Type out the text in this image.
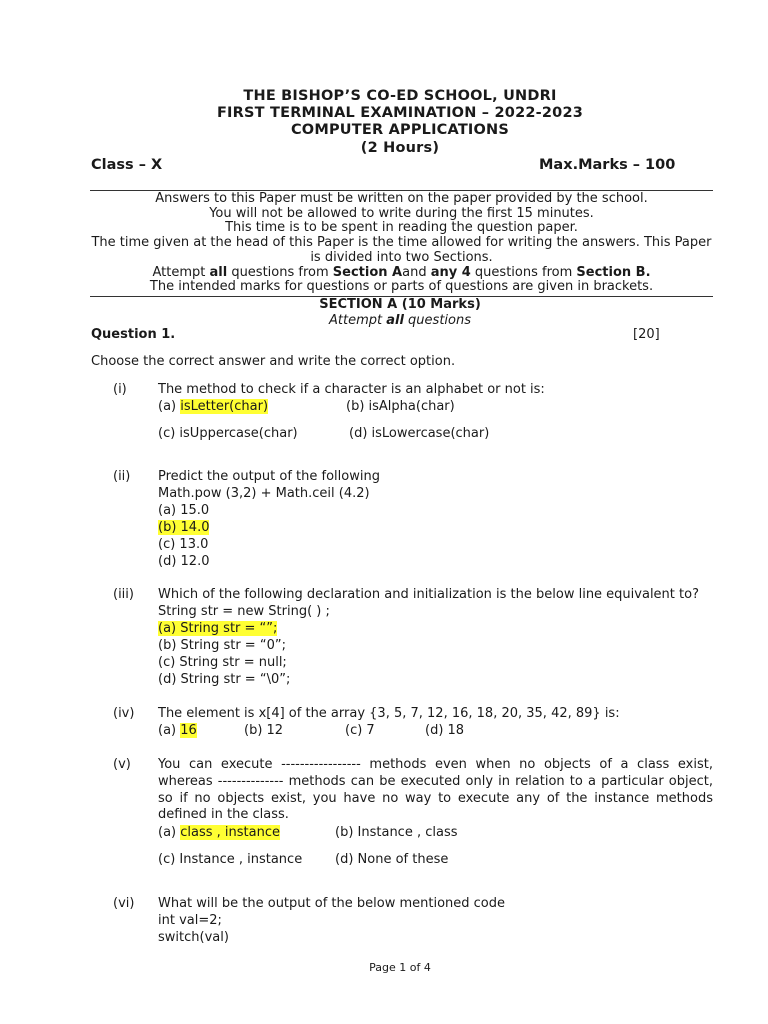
THE BISHOP’S CO-ED SCHOOL, UNDRI
FIRST TERMINAL EXAMINATION – 2022-2023
COMPUTER APPLICATIONS
(2 Hours)
Class – X	Max.Marks – 100
Answers to this Paper must be written on the paper provided by the school.
You will not be allowed to write during the first 15 minutes.
This time is to be spent in reading the question paper.
The time given at the head of this Paper is the time allowed for writing the answers. This Paper is divided into two Sections.
Attempt all questions from Section Aand any 4 questions from Section B.
The intended marks for questions or parts of questions are given in brackets.
SECTION A (10 Marks)
Attempt all questions
Question 1.	[20]
Choose the correct answer and write the correct option.
(i) The method to check if a character is an alphabet or not is:
(a) isLetter(char)	(b) isAlpha(char)
(c) isUppercase(char)	(d) isLowercase(char)
(ii) Predict the output of the following
Math.pow (3,2) + Math.ceil (4.2)
(a) 15.0
(b) 14.0
(c) 13.0
(d) 12.0
(iii) Which of the following declaration and initialization is the below line equivalent to?
String str = new String( ) ;
(a) String str = “”;
(b) String str = “0”;
(c) String str = null;
(d) String str = “\0”;
(iv) The element is x[4] of the array {3, 5, 7, 12, 16, 18, 20, 35, 42, 89} is:
(a) 16	(b) 12	(c) 7	(d) 18
(v) You can execute ----------------- methods even when no objects of a class exist, whereas -------------- methods can be executed only in relation to a particular object, so if no objects exist, you have no way to execute any of the instance methods defined in the class.
(a) class , instance	(b) Instance , class
(c) Instance , instance	(d) None of these
(vi) What will be the output of the below mentioned code
int val=2;
switch(val)
Page 1 of 4
